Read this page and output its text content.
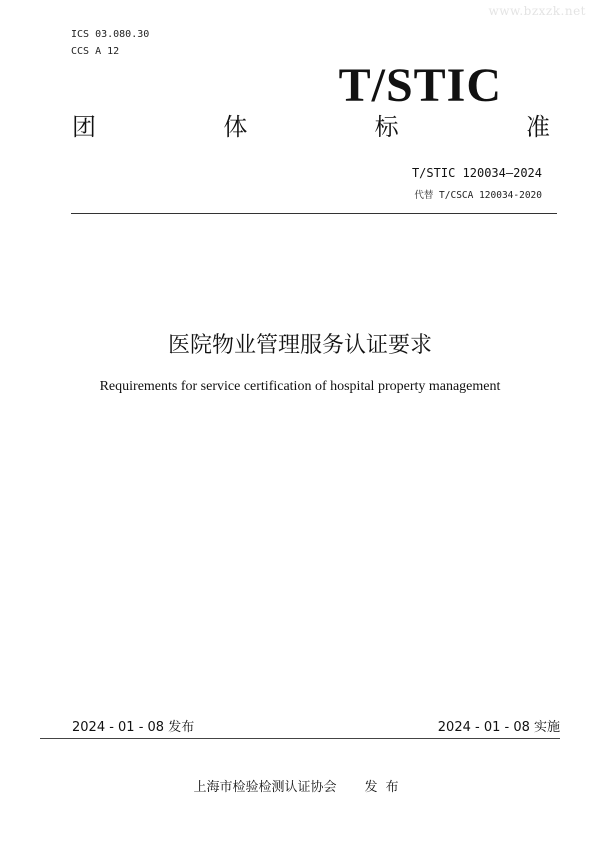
www.bzxzk.net
ICS 03.080.30
CCS A 12
T/STIC
团	体	标	准
T/STIC 120034—2024
代替 T/CSCA 120034-2020
医院物业管理服务认证要求
Requirements for service certification of hospital property management
2024 - 01 - 08 发布	2024 - 01 - 08 实施
上海市检验检测认证协会 发布
